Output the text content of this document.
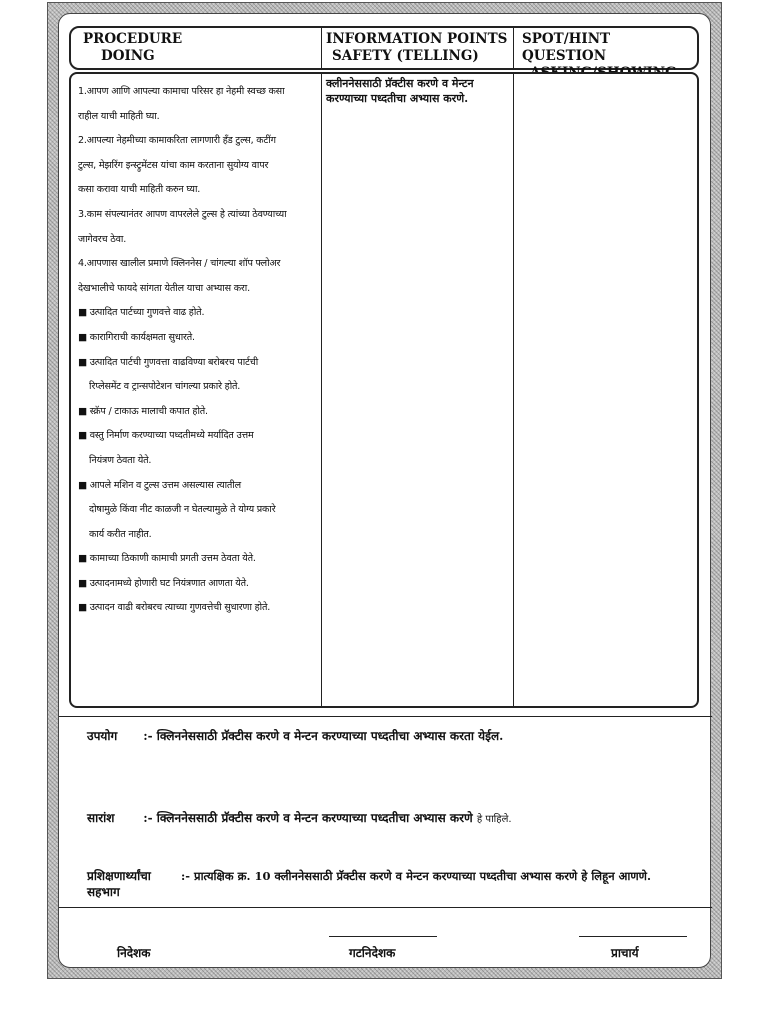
PROCEDURE
DOING
INFORMATION POINTS
SAFETY (TELLING)
SPOT/HINT QUESTION
1.आपण आणि आपल्या कामाचा परिसर हा नेहमी स्वच्छ कसा
राहील याची माहिती घ्या.
2.आपल्या नेहमीच्या कामाकरिता लागणारी हँड टुल्स, कटींग
टुल्स, मेझरिंग इन्स्ट्रुमेंटस यांचा काम करताना सुयोग्य वापर
कसा करावा याची माहिती करुन घ्या.
3.काम संपल्यानंतर आपण वापरलेले टुल्स हे त्यांच्या ठेवण्याच्या
जागेवरच ठेवा.
4.आपणास खालील प्रमाणे क्लिननेस / चांगल्या शॉप फ्लोअर
देखभालीचे फायदे सांगता येतील याचा अभ्यास करा.
■ उत्पादित पार्टच्या गुणवत्ते वाढ होते.
■ कारागिराची कार्यक्षमता सुधारते.
■ उत्पादित पार्टची गुणवत्ता वाढविण्या बरोबरच पार्टची
रिप्लेसमेंट व ट्रान्सपोटेशन चांगल्या प्रकारे होते.
■ स्क्रॅप / टाकाऊ मालाची कपात होते.
■ वस्तु निर्माण करण्याच्या पध्दतीमध्ये मर्यादित उत्तम
नियंत्रण ठेवता येते.
■ आपले मशिन व टुल्स उत्तम असल्यास त्यातील
दोषामुळे किंवा नीट काळजी न घेतल्यामुळे ते योग्य प्रकारे
कार्य करीत नाहीत.
■ कामाच्या ठिकाणी कामाची प्रगती उत्तम ठेवता येते.
■ उत्पादनामध्ये होणारी घट नियंत्रणात आणता येते.
■ उत्पादन वाढी बरोबरच त्याच्या गुणवत्तेची सुधारणा होते.
क्लीननेससाठी प्रॅक्टीस करणे व मेन्टन करण्याच्या पध्दतीचा अभ्यास करणे.
उपयोग :- क्लिननेससाठी प्रॅक्टीस करणे व मेन्टन करण्याच्या पध्दतीचा अभ्यास करता येईल.
सारांश :- क्लिननेससाठी प्रॅक्टीस करणे व मेन्टन करण्याच्या पध्दतीचा अभ्यास करणे हे पाहिले.
प्रशिक्षणार्थ्यांचा
सहभाग
:- प्रात्यक्षिक क्र. 10 क्लीननेससाठी प्रॅक्टीस करणे व मेन्टन करण्याच्या पध्दतीचा अभ्यास करणे हे लिहून आणणे.
निदेशक	गटनिदेशक	प्राचार्य
